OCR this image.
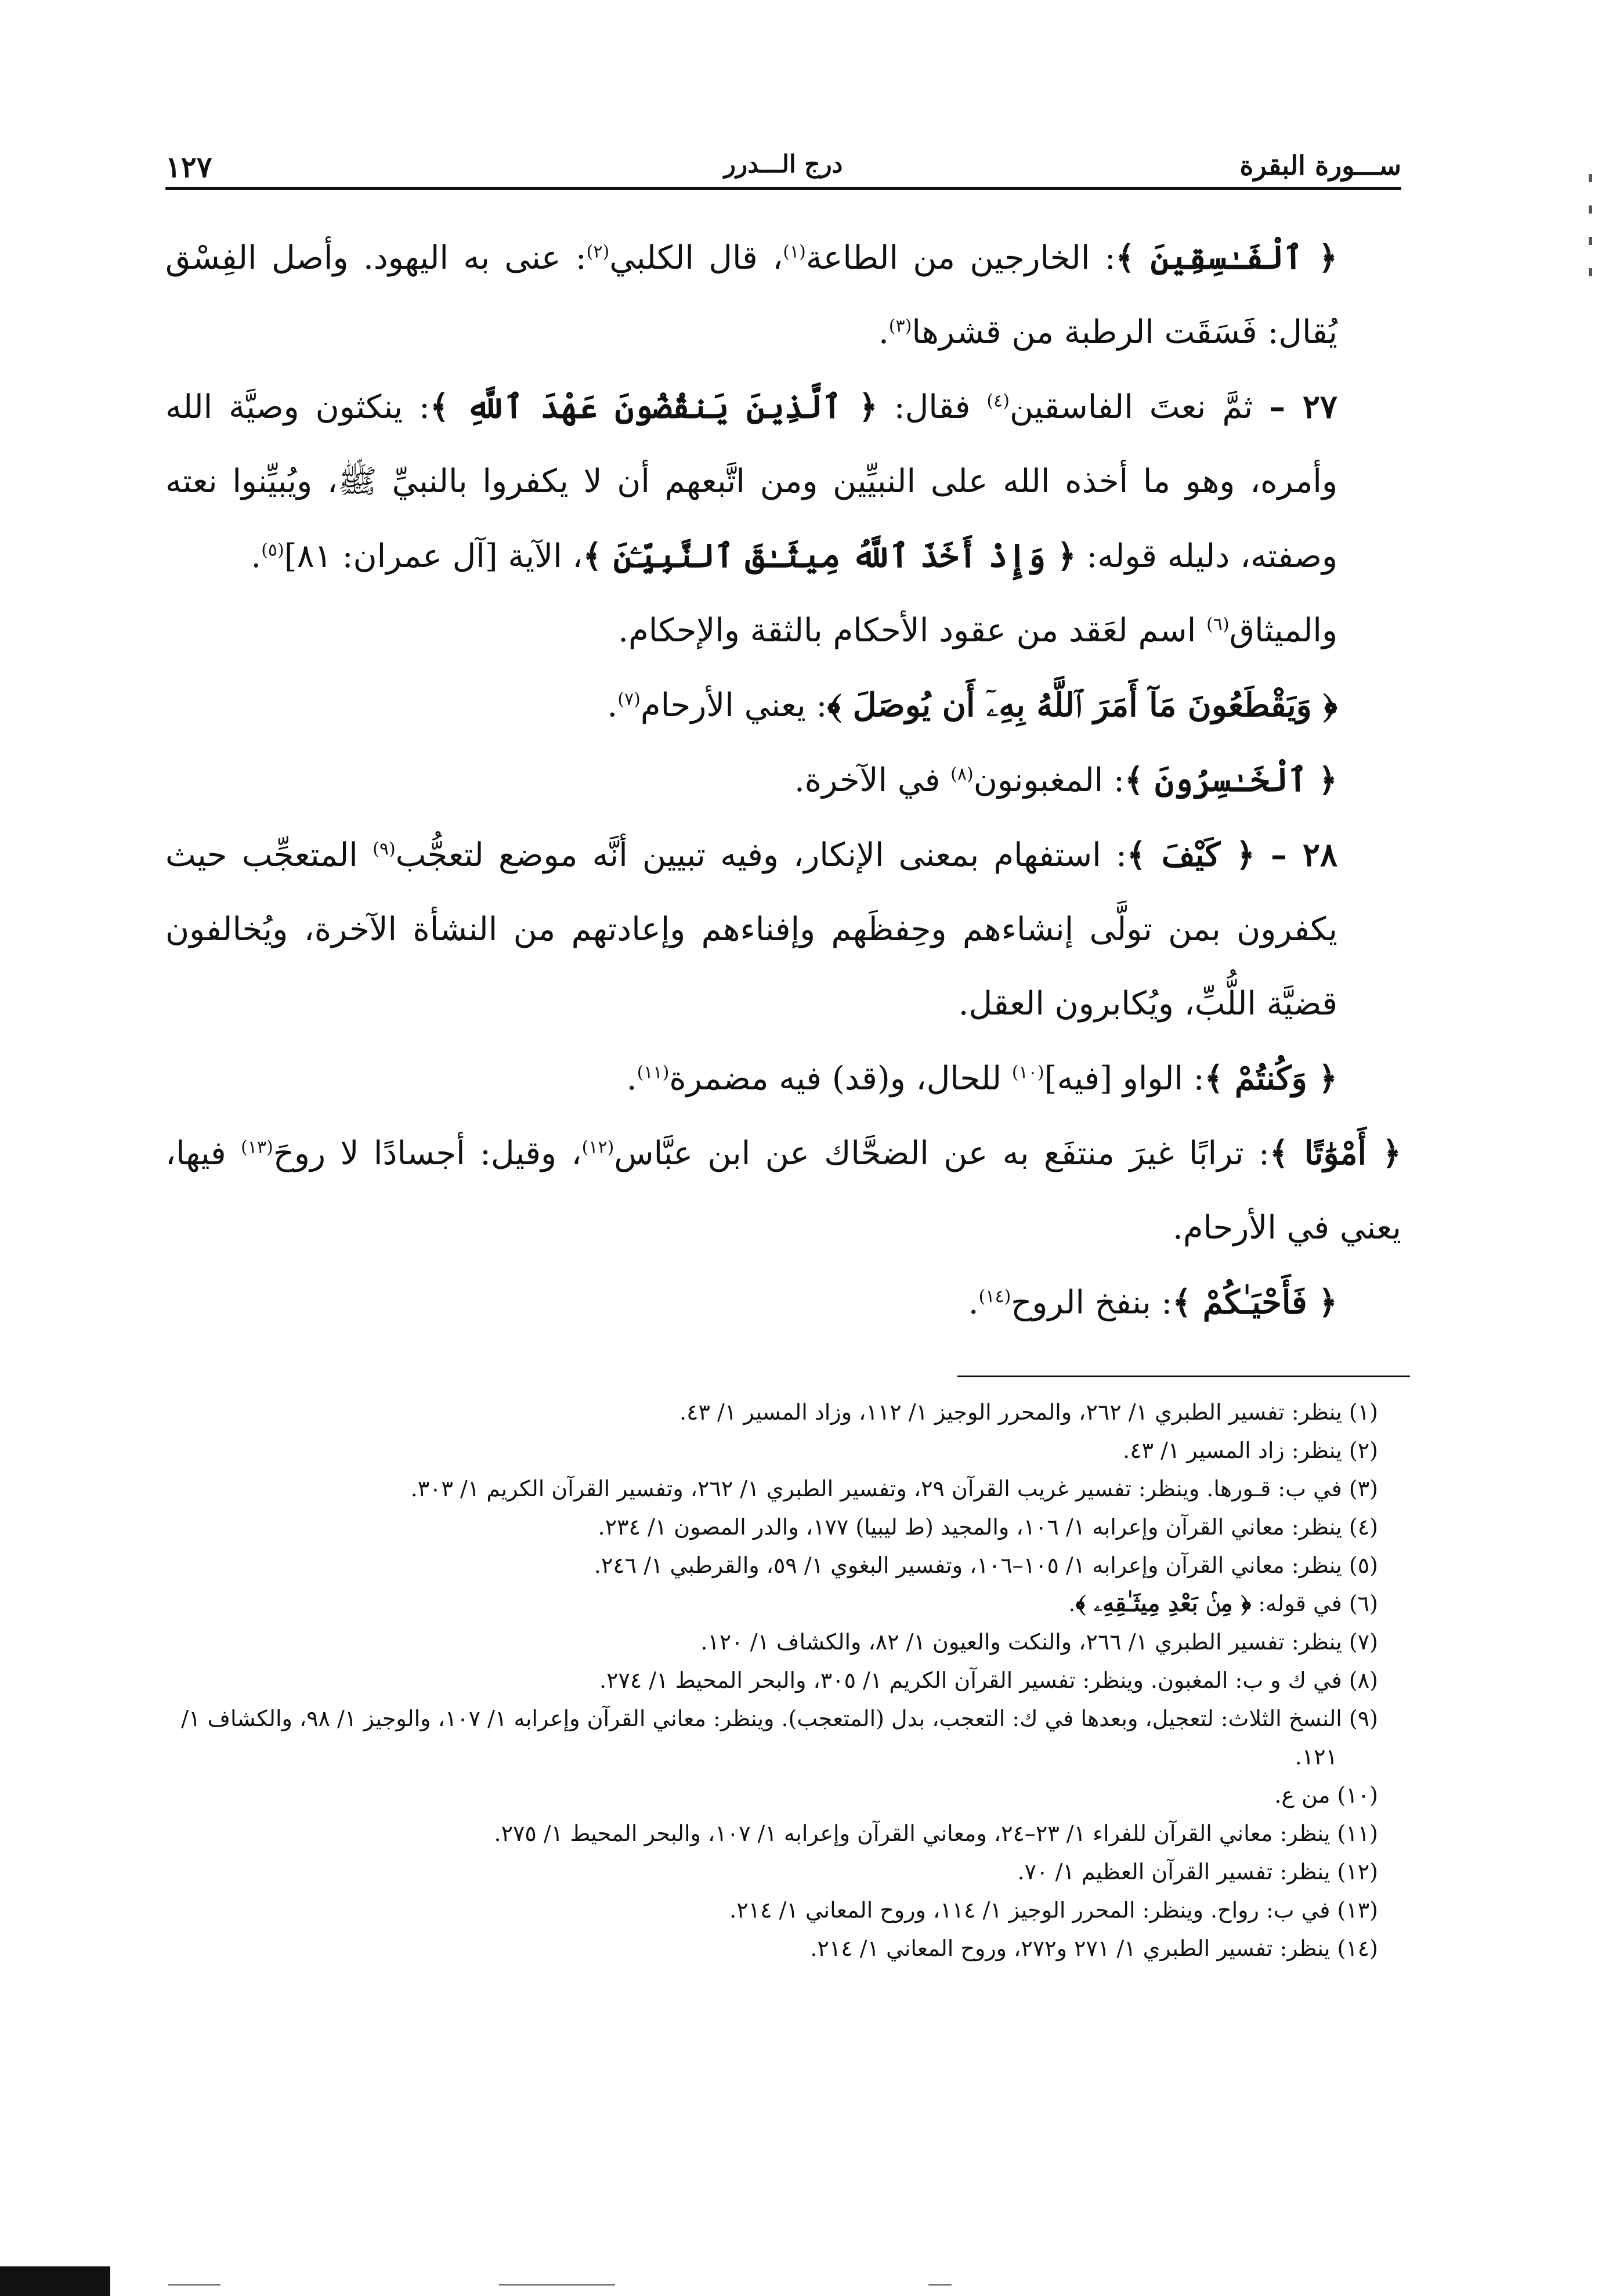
ســـورة البقرة
درج الـــدرر
١٢٧

﴿ ٱلْفَـٰسِقِينَ ﴾: الخارجين من الطاعة$^{(١)}$، قال الكلبي$^{(٢)}$: عنى به اليهود. وأصل الفِسْق يُقال: فَسَقَت الرطبة من قشرها$^{(٣)}$.

٢٧ – ثمَّ نعتَ الفاسقين$^{(٤)}$ فقال: ﴿ ٱلَّذِينَ يَنقُضُونَ عَهْدَ ٱللَّهِ ﴾: ينكثون وصيَّة الله وأمره، وهو ما أخذه الله على النبيِّين ومن اتَّبعهم أن لا يكفروا بالنبيِّ ﷺ، ويُبيِّنوا نعته وصفته، دليله قوله: ﴿ وَإِذْ أَخَذَ ٱللَّهُ مِيثَـٰقَ ٱلنَّبِيِّـۧنَ ﴾، الآية [آل عمران: ٨١]$^{(٥)}$.

والميثاق$^{(٦)}$ اسم لعَقد من عقود الأحكام بالثقة والإحكام.

﴿ وَيَقْطَعُونَ مَآ أَمَرَ ٱللَّهُ بِهِۦٓ أَن يُوصَلَ ﴾: يعني الأرحام$^{(٧)}$.

﴿ ٱلْخَـٰسِرُونَ ﴾: المغبونون$^{(٨)}$ في الآخرة.

٢٨ – ﴿ كَيْفَ ﴾: استفهام بمعنى الإنكار، وفيه تبيين أنَّه موضع لتعجُّب$^{(٩)}$ المتعجِّب حيث يكفرون بمن تولَّى إنشاءهم وحِفظَهم وإفناءهم وإعادتهم من النشأة الآخرة، ويُخالفون قضيَّة اللُّبِّ، ويُكابرون العقل.

﴿ وَكُنتُمْ ﴾: الواو [فيه]$^{(١٠)}$ للحال، و(قد) فيه مضمرة$^{(١١)}$.

﴿ أَمْوَٰتًا ﴾: ترابًا غيرَ منتفَع به عن الضحَّاك عن ابن عبَّاس$^{(١٢)}$، وقيل: أجسادًا لا روحَ$^{(١٣)}$ فيها، يعني في الأرحام.

﴿ فَأَحْيَـٰكُمْ ﴾: بنفخ الروح$^{(١٤)}$.

(١) ينظر: تفسير الطبري ١/ ٢٦٢، والمحرر الوجيز ١/ ١١٢، وزاد المسير ١/ ٤٣.

(٢) ينظر: زاد المسير ١/ ٤٣.

(٣) في ب: قـورها. وينظر: تفسير غريب القرآن ٢٩، وتفسير الطبري ١/ ٢٦٢، وتفسير القرآن الكريم ١/ ٣٠٣.

(٤) ينظر: معاني القرآن وإعرابه ١/ ١٠٦، والمجيد (ط ليبيا) ١٧٧، والدر المصون ١/ ٢٣٤.

(٥) ينظر: معاني القرآن وإعرابه ١/ ١٠٥–١٠٦، وتفسير البغوي ١/ ٥٩، والقرطبي ١/ ٢٤٦.

(٦) في قوله: ﴿ مِنۢ بَعْدِ مِيثَـٰقِهِۦ ﴾.

(٧) ينظر: تفسير الطبري ١/ ٢٦٦، والنكت والعيون ١/ ٨٢، والكشاف ١/ ١٢٠.

(٨) في ك و ب: المغبون. وينظر: تفسير القرآن الكريم ١/ ٣٠٥، والبحر المحيط ١/ ٢٧٤.

(٩) النسخ الثلاث: لتعجيل، وبعدها في ك: التعجب، بدل (المتعجب). وينظر: معاني القرآن وإعرابه ١/ ١٠٧، والوجيز ١/ ٩٨، والكشاف ١/ ١٢١.

(١٠) من ع.

(١١) ينظر: معاني القرآن للفراء ١/ ٢٣–٢٤، ومعاني القرآن وإعرابه ١/ ١٠٧، والبحر المحيط ١/ ٢٧٥.

(١٢) ينظر: تفسير القرآن العظيم ١/ ٧٠.

(١٣) في ب: رواح. وينظر: المحرر الوجيز ١/ ١١٤، وروح المعاني ١/ ٢١٤.

(١٤) ينظر: تفسير الطبري ١/ ٢٧١ و٢٧٢، وروح المعاني ١/ ٢١٤.
